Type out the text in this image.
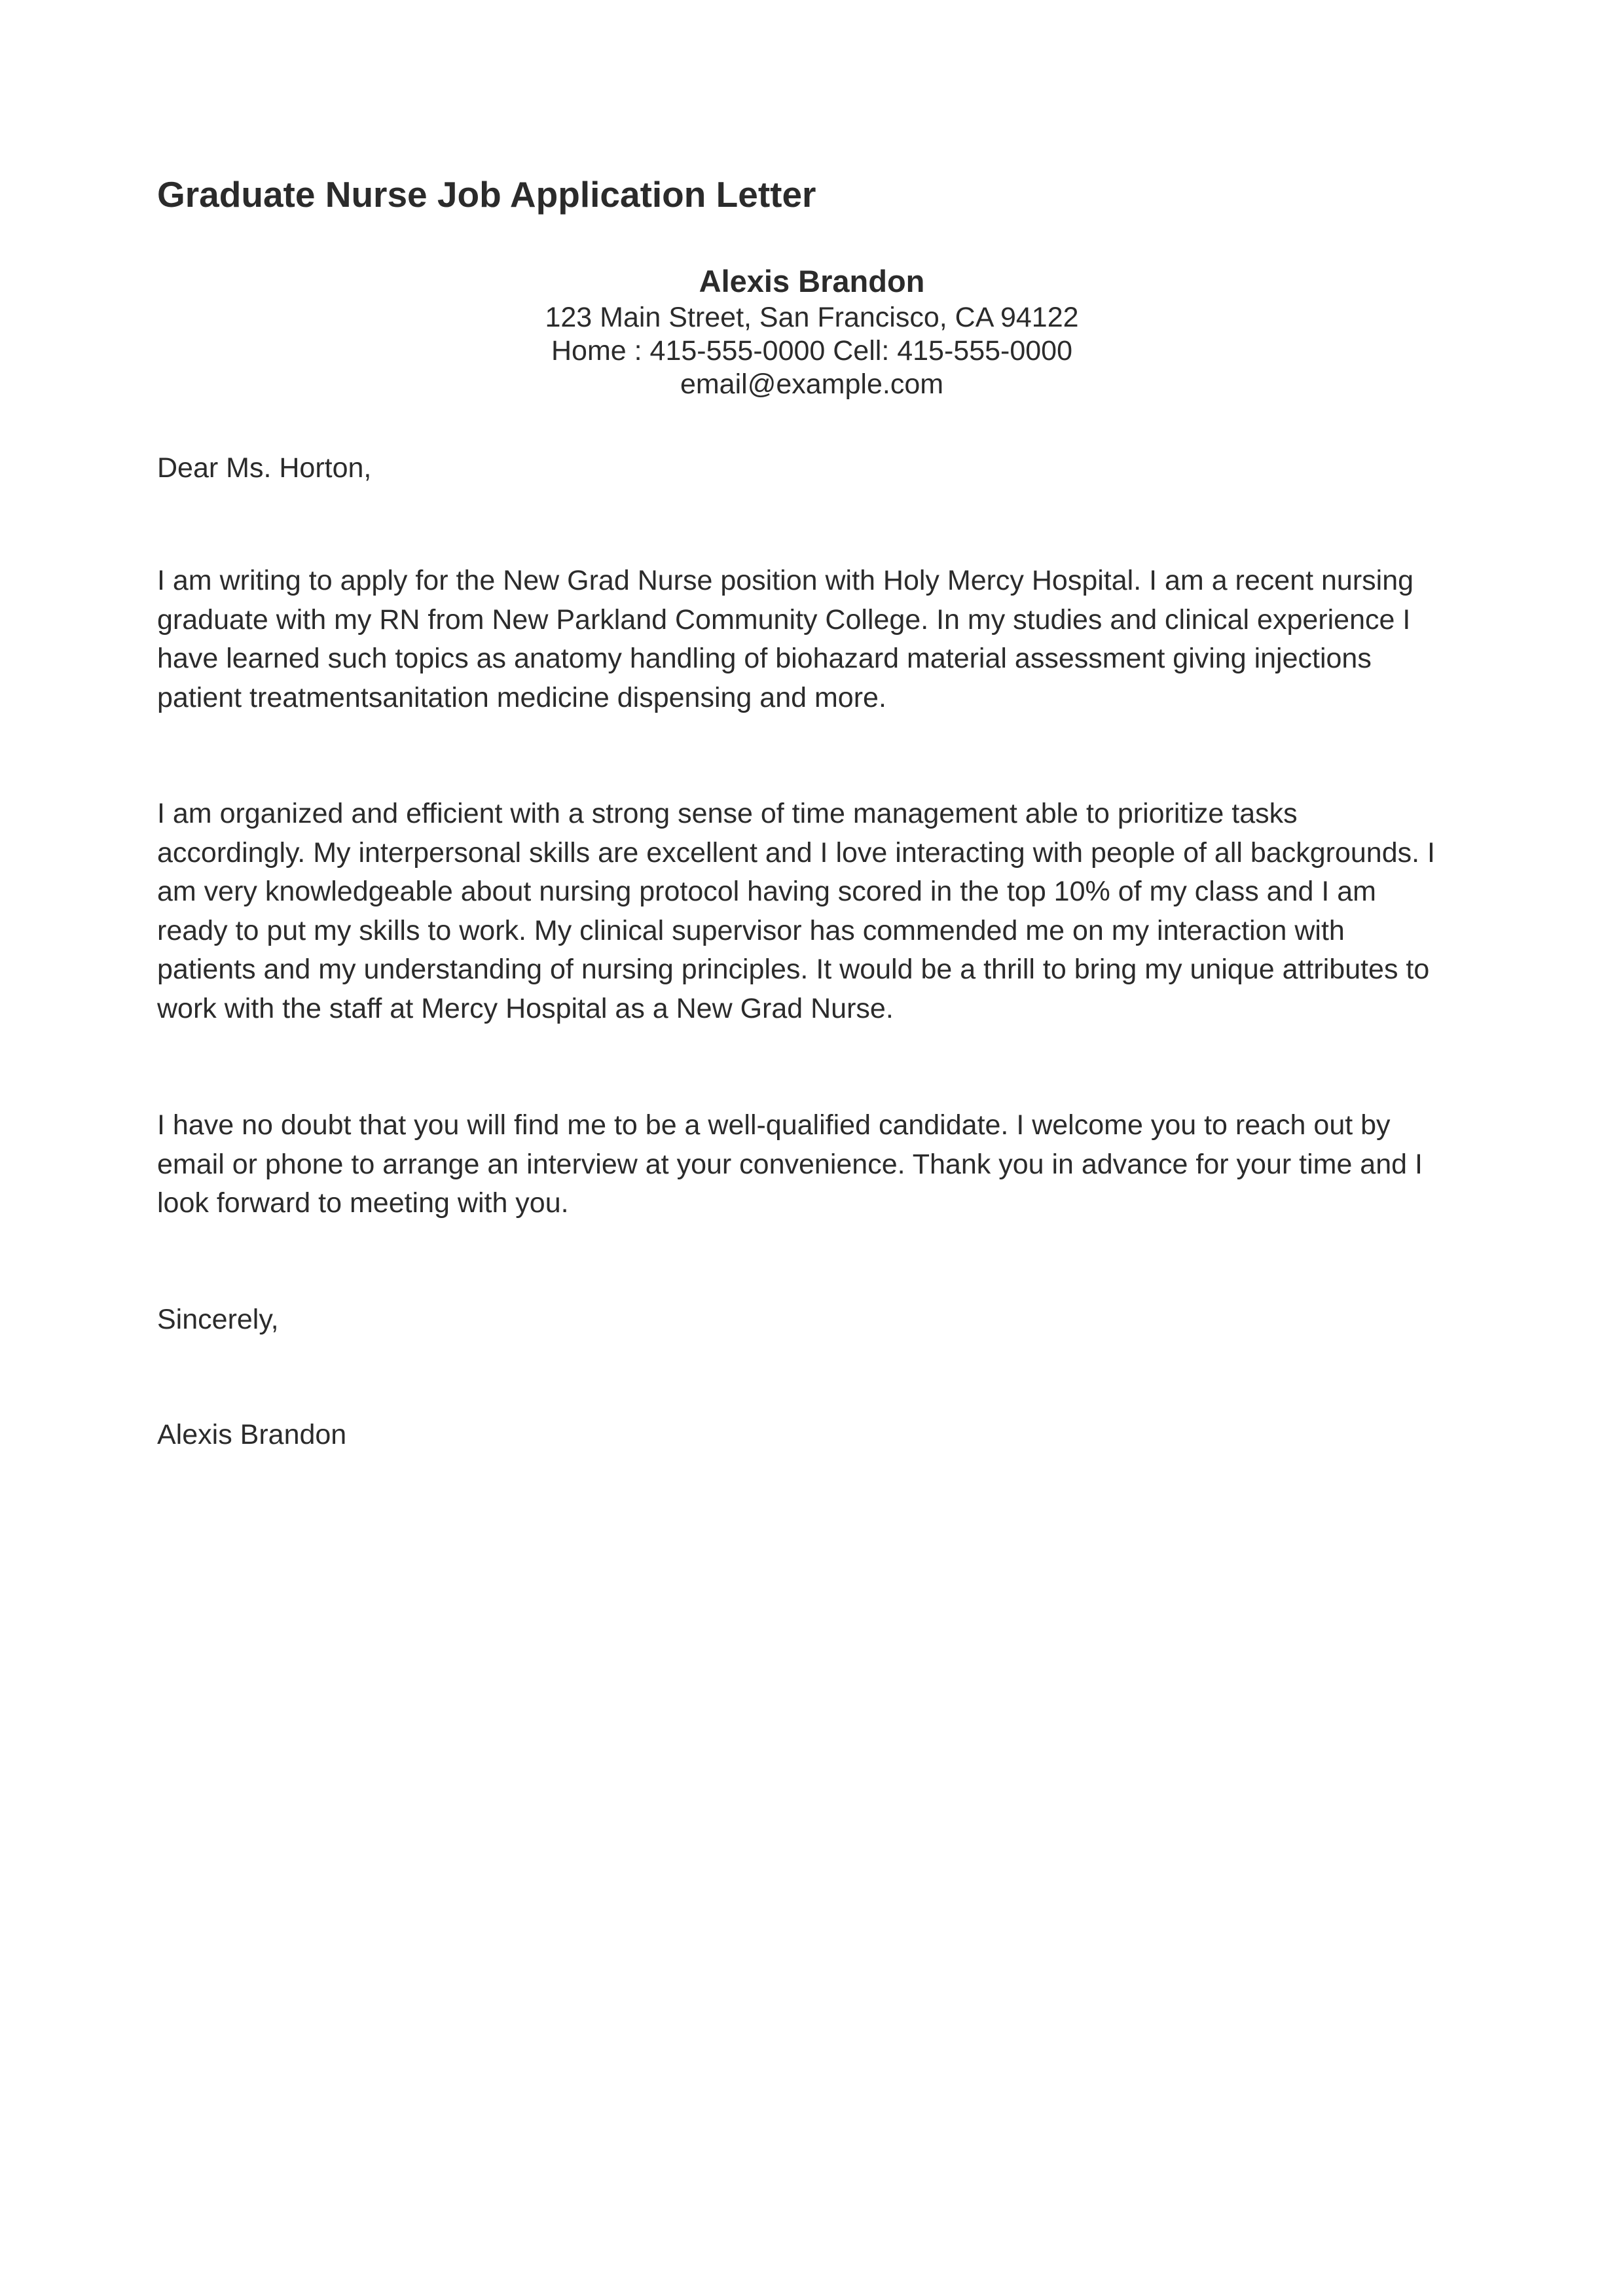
Graduate Nurse Job Application Letter
Alexis Brandon
123 Main Street, San Francisco, CA 94122
Home : 415-555-0000 Cell: 415-555-0000
email@example.com
Dear Ms. Horton,

I am writing to apply for the New Grad Nurse position with Holy Mercy Hospital. I am a recent nursing
graduate with my RN from New Parkland Community College. In my studies and clinical experience I
have learned such topics as anatomy handling of biohazard material assessment giving injections
patient treatmentsanitation medicine dispensing and more.

I am organized and efficient with a strong sense of time management able to prioritize tasks
accordingly. My interpersonal skills are excellent and I love interacting with people of all backgrounds. I
am very knowledgeable about nursing protocol having scored in the top 10% of my class and I am
ready to put my skills to work. My clinical supervisor has commended me on my interaction with
patients and my understanding of nursing principles. It would be a thrill to bring my unique attributes to
work with the staff at Mercy Hospital as a New Grad Nurse.

I have no doubt that you will find me to be a well-qualified candidate. I welcome you to reach out by
email or phone to arrange an interview at your convenience. Thank you in advance for your time and I
look forward to meeting with you.

Sincerely,
Alexis Brandon
